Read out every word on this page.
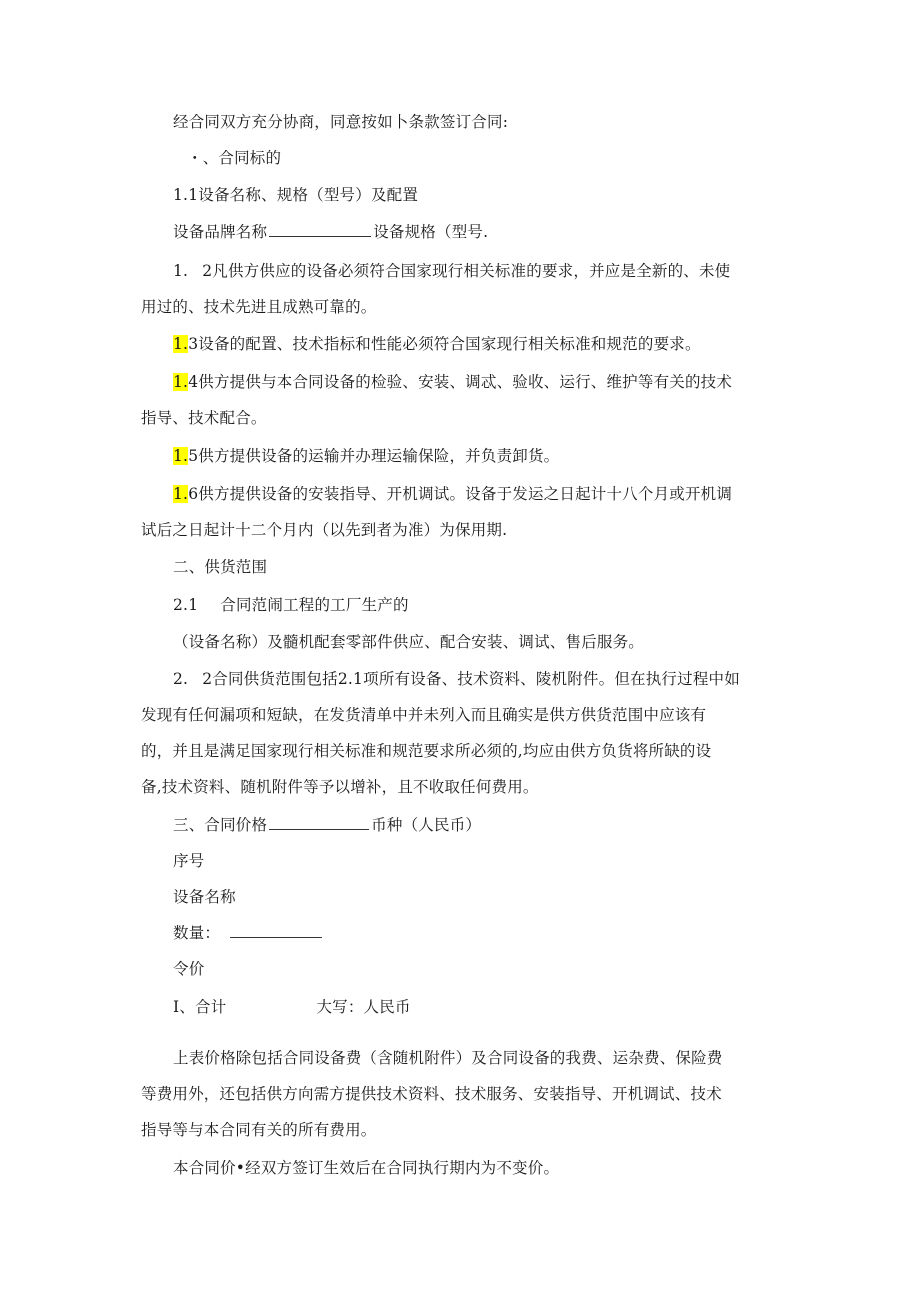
经合同双方充分协商，同意按如卜条款签订合同:
・、合同标的
1.1设备名称、规格（型号）及配置
设备品牌名称	设备规格（型号.
1. 2凡供方供应的设备必须符合国家现行相关标准的要求，并应是全新的、未使
用过的、技术先进且成熟可靠的。
1.3设备的配置、技术指标和性能必须符合国家现行相关标准和规范的要求。
1.4供方提供与本合同设备的检验、安装、调忒、验收、运行、维护等有关的技术
指导、技术配合。
1.5供方提供设备的运输并办理运输保险，并负责卸货。
1.6供方提供设备的安装指导、开机调试。设备于发运之日起计十八个月或开机调
试后之日起计十二个月内（以先到者为准）为保用期.
二、供货范围
2.1 合同范闹工程的工厂生产的
（设备名称）及髓机配套零部件供应、配合安装、调试、售后服务。
2. 2合同供货范围包括2.1项所有设备、技术资料、陵机附件。但在执行过程中如
发现有任何漏项和短缺，在发货清单中并未列入而且确实是供方供货范围中应该有
的，并且是满足国家现行相关标准和规范要求所必须的,均应由供方负货将所缺的设
备,技术资料、随机附件等予以增补，且不收取任何费用。
三、合同价格	币种（人民币）
序号
设备名称
数量：
令价
I、合计	大写：人民币
上表价格除包括合同设备费（含随机附件）及合同设备的我费、运杂费、保险费
等费用外，还包括供方向需方提供技术资料、技术服务、安装指导、开机调试、技术
指导等与本合同有关的所有费用。
本合同价•经双方签订生效后在合同执行期内为不变价。
